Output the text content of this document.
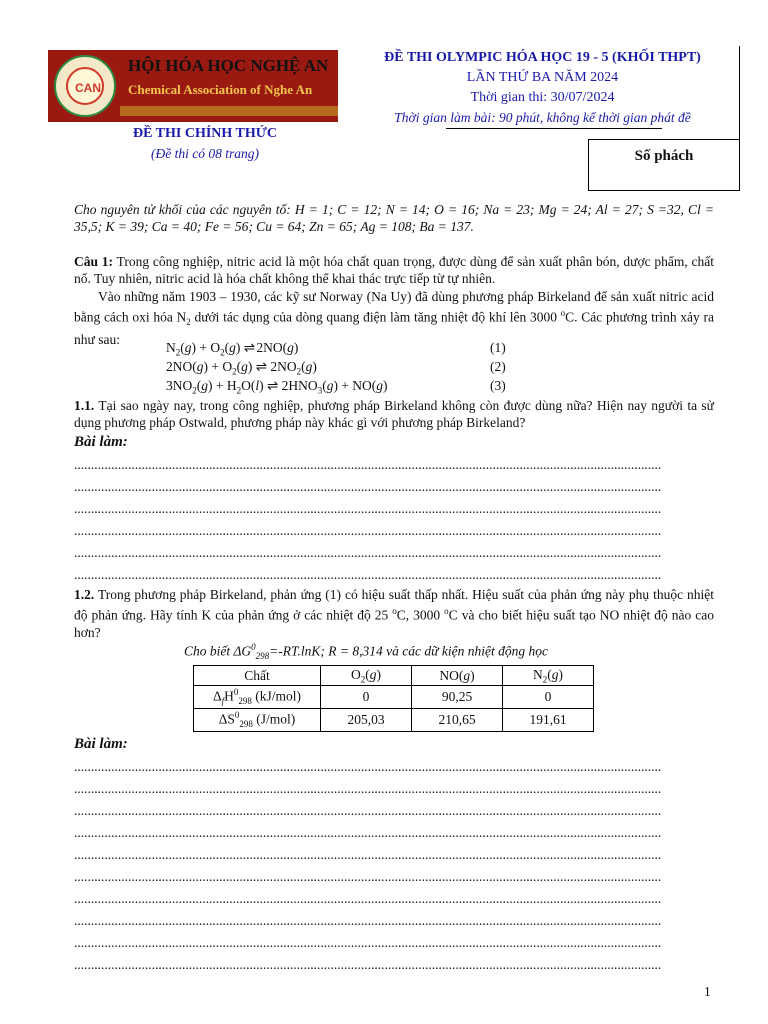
CAN
HỘI HÓA HỌC NGHỆ AN
Chemical Association of Nghe An
ĐỀ THI CHÍNH THỨC
(Đề thi có 08 trang)
ĐỀ THI OLYMPIC HÓA HỌC 19 - 5 (KHỐI THPT)
LẦN THỨ BA NĂM 2024
Thời gian thi: 30/07/2024
Thời gian làm bài: 90 phút, không kể thời gian phát đề
Số phách
Cho nguyên tử khối của các nguyên tố: H = 1; C = 12; N = 14; O = 16; Na = 23; Mg = 24; Al = 27; S =32, Cl = 35,5; K = 39; Ca = 40; Fe = 56; Cu = 64; Zn = 65; Ag = 108; Ba = 137.
Câu 1: Trong công nghiệp, nitric acid là một hóa chất quan trọng, được dùng để sản xuất phân bón, dược phẩm, chất nổ. Tuy nhiên, nitric acid là hóa chất không thể khai thác trực tiếp từ tự nhiên.
Vào những năm 1903 – 1930, các kỹ sư Norway (Na Uy) đã dùng phương pháp Birkeland để sản xuất nitric acid bằng cách oxi hóa $N_2$ dưới tác dụng của dòng quang điện làm tăng nhiệt độ khí lên 3000 $^o$C. Các phương trình xảy ra như sau:
$N_2(g) + O_2(g)$ ⇌ 2NO(g)	(1)
$2NO(g) + O_2(g)$ ⇌ $2NO_2(g)$	(2)
$3NO_2(g) + H_2O(l)$ ⇌ $2HNO_3(g) + NO(g)$	(3)
1.1. Tại sao ngày nay, trong công nghiệp, phương pháp Birkeland không còn được dùng nữa? Hiện nay người ta sử dụng phương pháp Ostwald, phương pháp này khác gì với phương pháp Birkeland?
Bài làm:
..............................................................................................................................................................................
..............................................................................................................................................................................
..............................................................................................................................................................................
..............................................................................................................................................................................
..............................................................................................................................................................................
..............................................................................................................................................................................
1.2. Trong phương pháp Birkeland, phản ứng (1) có hiệu suất thấp nhất. Hiệu suất của phản ứng này phụ thuộc nhiệt độ phản ứng. Hãy tính K của phản ứng ở các nhiệt độ 25 $^o$C, 3000 $^o$C và cho biết hiệu suất tạo NO nhiệt độ nào cao hơn?
Cho biết $\Delta G^0_{298}=-RT.\ln K$; R = 8,314 và các dữ kiện nhiệt động học
Chất	$O_2(g)$	NO(g)	$N_2(g)$
$\Delta_fH^0_{298}$ (kJ/mol)	0	90,25	0
$\Delta S^0_{298}$ (J/mol)	205,03	210,65	191,61
Bài làm:
..............................................................................................................................................................................
..............................................................................................................................................................................
..............................................................................................................................................................................
..............................................................................................................................................................................
..............................................................................................................................................................................
..............................................................................................................................................................................
..............................................................................................................................................................................
..............................................................................................................................................................................
..............................................................................................................................................................................
..............................................................................................................................................................................
1
